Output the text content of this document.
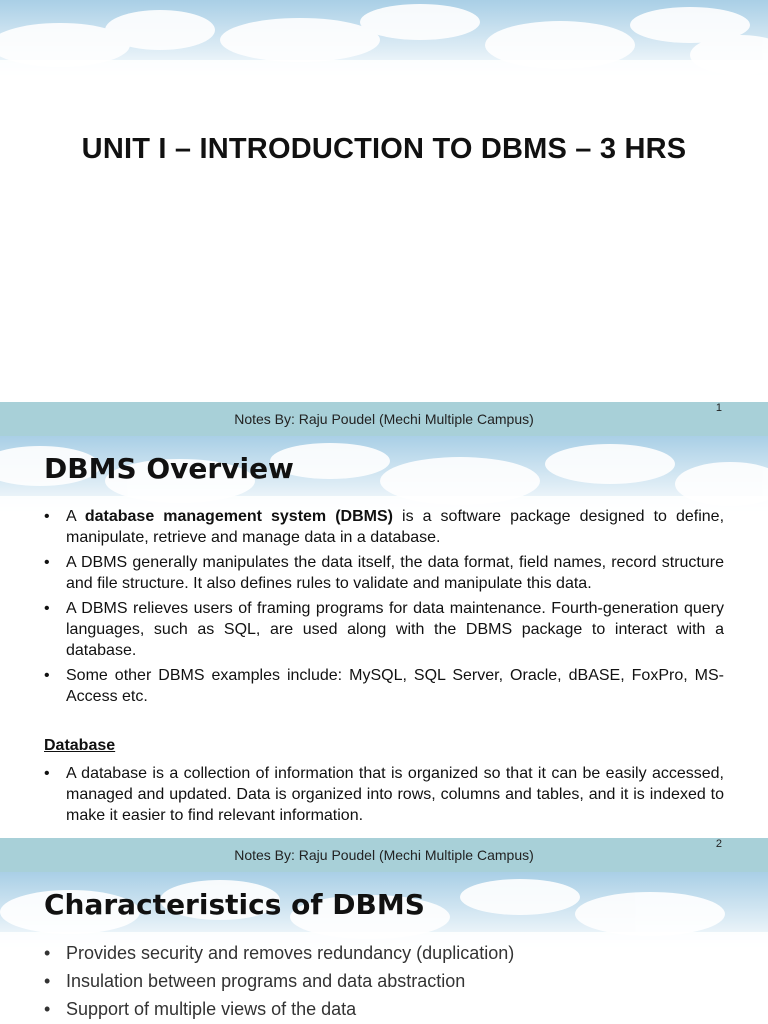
UNIT I – INTRODUCTION TO DBMS – 3 HRS
Notes By: Raju Poudel (Mechi Multiple Campus)
1
DBMS Overview
• A database management system (DBMS) is a software package designed to define, manipulate, retrieve and manage data in a database.
• A DBMS generally manipulates the data itself, the data format, field names, record structure and file structure. It also defines rules to validate and manipulate this data.
• A DBMS relieves users of framing programs for data maintenance. Fourth-generation query languages, such as SQL, are used along with the DBMS package to interact with a database.
• Some other DBMS examples include: MySQL, SQL Server, Oracle, dBASE, FoxPro, MS-Access etc.
Database
• A database is a collection of information that is organized so that it can be easily accessed, managed and updated. Data is organized into rows, columns and tables, and it is indexed to make it easier to find relevant information.
Notes By: Raju Poudel (Mechi Multiple Campus)
2
Characteristics of DBMS
• Provides security and removes redundancy (duplication)
• Insulation between programs and data abstraction
• Support of multiple views of the data
